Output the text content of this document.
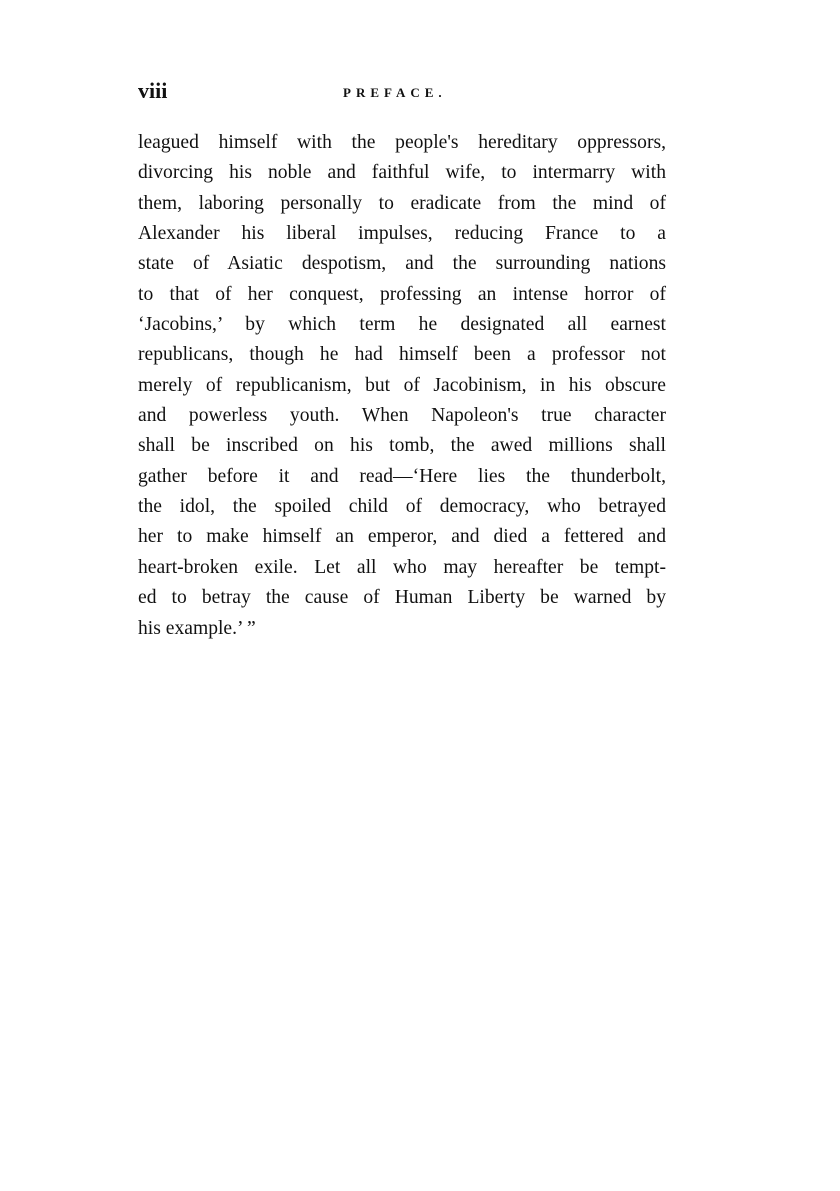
viii	PREFACE.
leagued himself with the people's hereditary oppressors,
divorcing his noble and faithful wife, to intermarry with
them, laboring personally to eradicate from the mind of
Alexander his liberal impulses, reducing France to a
state of Asiatic despotism, and the surrounding nations
to that of her conquest, professing an intense horror of
‘Jacobins,’ by which term he designated all earnest
republicans, though he had himself been a professor not
merely of republicanism, but of Jacobinism, in his obscure
and powerless youth. When Napoleon's true character
shall be inscribed on his tomb, the awed millions shall
gather before it and read—‘Here lies the thunderbolt,
the idol, the spoiled child of democracy, who betrayed
her to make himself an emperor, and died a fettered and
heart-broken exile. Let all who may hereafter be tempt-
ed to betray the cause of Human Liberty be warned by
his example.’ ”
